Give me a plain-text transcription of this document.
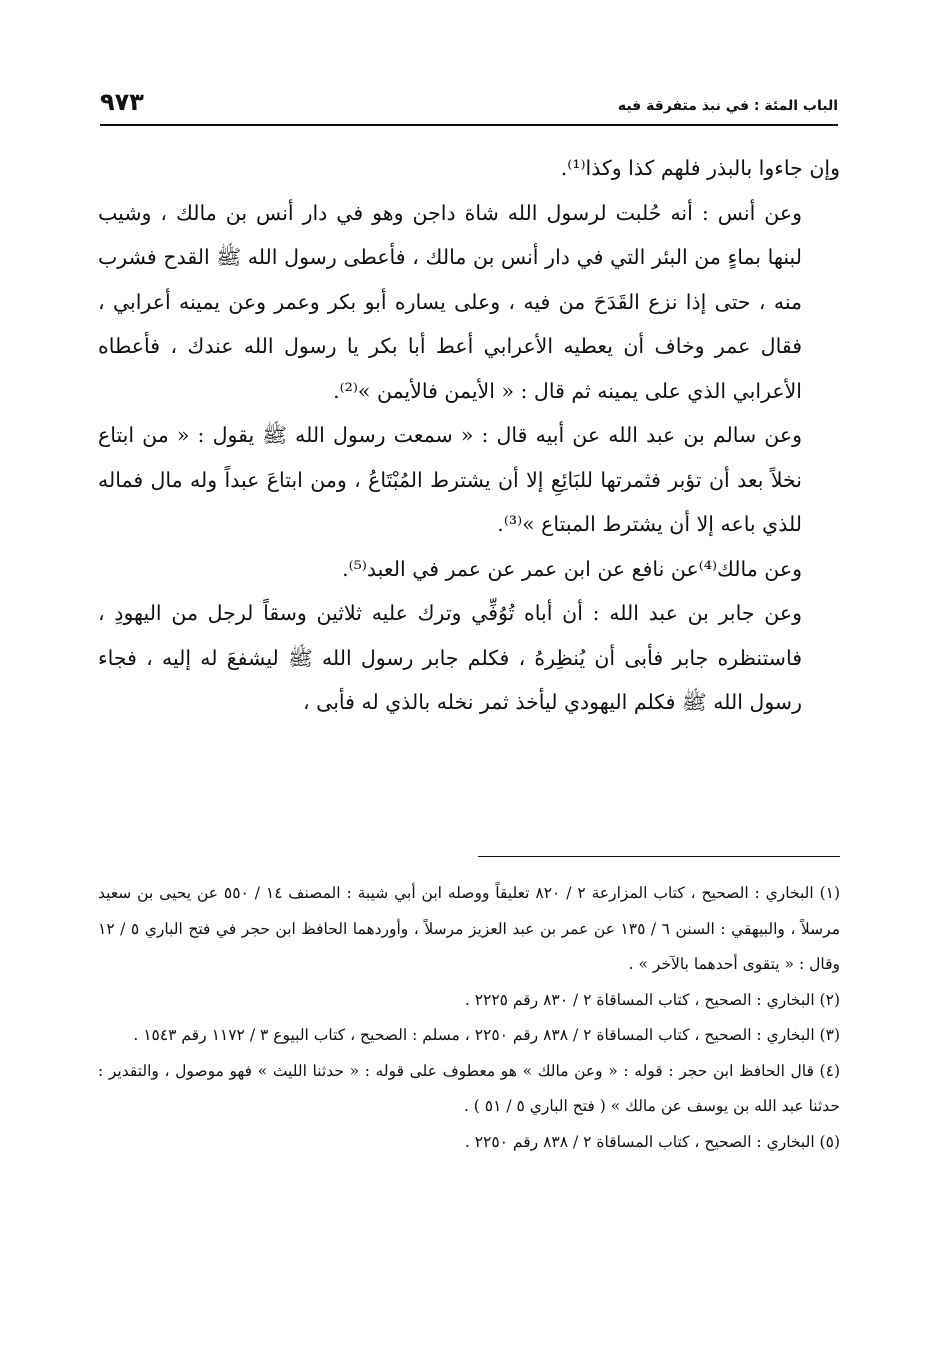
الباب المئة : في نبذ متفرقة فيه
٩٧٣

وإن جاءوا بالبذر فلهم كذا وكذا⁽¹⁾.

وعن أنس : أنه حُلبت لرسول الله شاة داجن وهو في دار أنس بن مالك ، وشيب لبنها بماءٍ من البئر التي في دار أنس بن مالك ، فأعطى رسول الله ﷺ القدح فشرب منه ، حتى إذا نزع القَدَحَ من فيه ، وعلى يساره أبو بكر وعمر وعن يمينه أعرابي ، فقال عمر وخاف أن يعطيه الأعرابي أعط أبا بكر يا رسول الله عندك ، فأعطاه الأعرابي الذي على يمينه ثم قال : « الأيمن فالأيمن »⁽²⁾.

وعن سالم بن عبد الله عن أبيه قال : « سمعت رسول الله ﷺ يقول : « من ابتاع نخلاً بعد أن تؤبر فثمرتها للبَائِعِ إلا أن يشترط المُبْتَاعُ ، ومن ابتاعَ عبداً وله مال فماله للذي باعه إلا أن يشترط المبتاع »⁽³⁾.

وعن مالك⁽⁴⁾عن نافع عن ابن عمر عن عمر في العبد⁽⁵⁾.

وعن جابر بن عبد الله : أن أباه تُوُفِّي وترك عليه ثلاثين وسقاً لرجل من اليهودِ ، فاستنظره جابر فأبى أن يُنظِرهُ ، فكلم جابر رسول الله ﷺ ليشفعَ له إليه ، فجاء رسول الله ﷺ فكلم اليهودي ليأخذ ثمر نخله بالذي له فأبى ،

(١) البخاري : الصحيح ، كتاب المزارعة ٢ / ٨٢٠ تعليقاً ووصله ابن أبي شيبة : المصنف ١٤ / ٥٥٠ عن يحيى بن سعيد مرسلاً ، والبيهقي : السنن ٦ / ١٣٥ عن عمر بن عبد العزيز مرسلاً ، وأوردهما الحافظ ابن حجر في فتح الباري ٥ / ١٢ وقال : « يتقوى أحدهما بالآخر » .

(٢) البخاري : الصحيح ، كتاب المساقاة ٢ / ٨٣٠ رقم ٢٢٢٥ .

(٣) البخاري : الصحيح ، كتاب المساقاة ٢ / ٨٣٨ رقم ٢٢٥٠ ، مسلم : الصحيح ، كتاب البيوع ٣ / ١١٧٢ رقم ١٥٤٣ .

(٤) قال الحافظ ابن حجر : قوله : « وعن مالك » هو معطوف على قوله : « حدثنا الليث » فهو موصول ، والتقدير : حدثنا عبد الله بن يوسف عن مالك » ( فتح الباري ٥ / ٥١ ) .

(٥) البخاري : الصحيح ، كتاب المساقاة ٢ / ٨٣٨ رقم ٢٢٥٠ .
